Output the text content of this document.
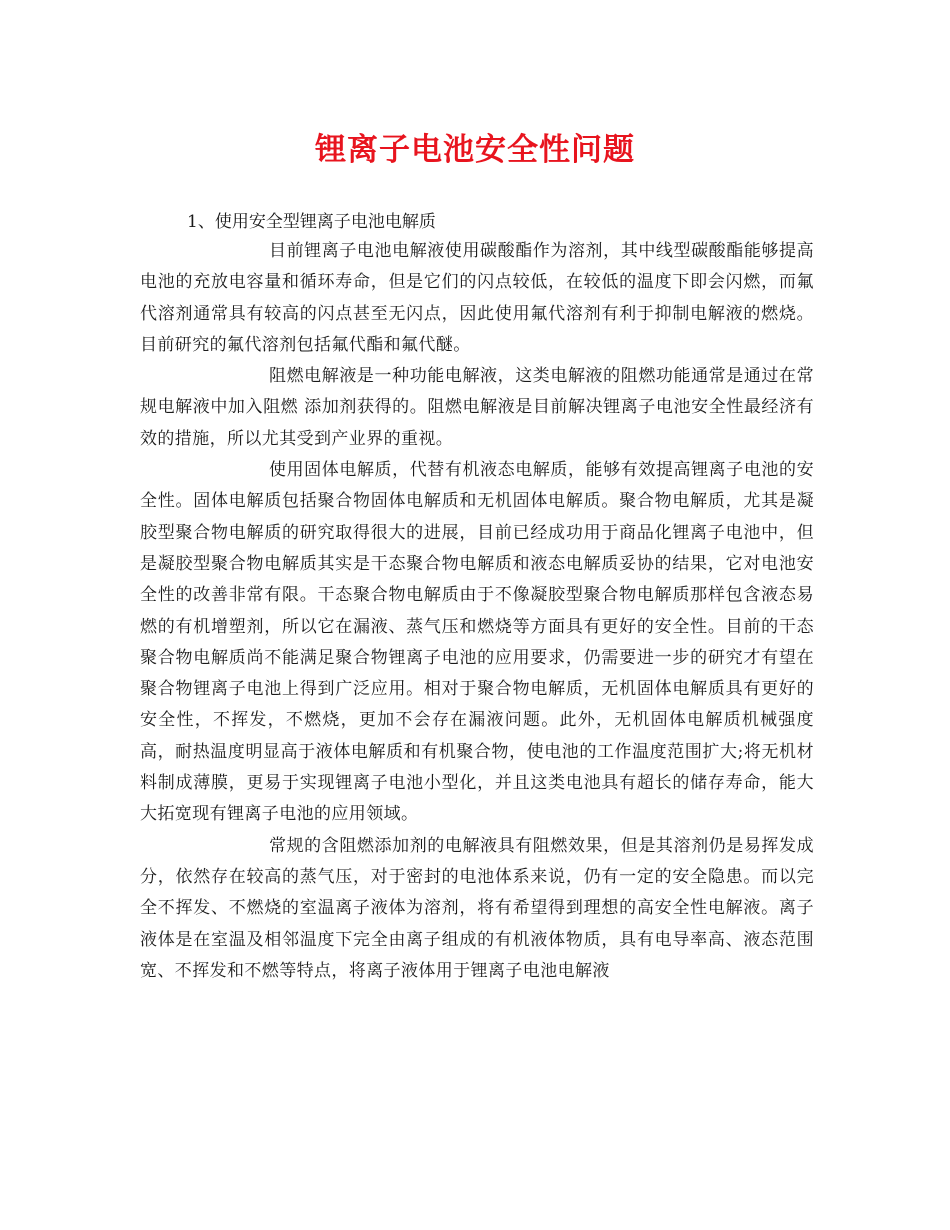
锂离子电池安全性问题

1、使用安全型锂离子电池电解质

目前锂离子电池电解液使用碳酸酯作为溶剂，其中线型碳酸酯能够提高电池的充放电容量和循环寿命，但是它们的闪点较低，在较低的温度下即会闪燃，而氟代溶剂通常具有较高的闪点甚至无闪点，因此使用氟代溶剂有利于抑制电解液的燃烧。目前研究的氟代溶剂包括氟代酯和氟代醚。

阻燃电解液是一种功能电解液，这类电解液的阻燃功能通常是通过在常规电解液中加入阻燃 添加剂获得的。阻燃电解液是目前解决锂离子电池安全性最经济有效的措施，所以尤其受到产业界的重视。

使用固体电解质，代替有机液态电解质，能够有效提高锂离子电池的安全性。固体电解质包括聚合物固体电解质和无机固体电解质。聚合物电解质，尤其是凝胶型聚合物电解质的研究取得很大的进展，目前已经成功用于商品化锂离子电池中，但是凝胶型聚合物电解质其实是干态聚合物电解质和液态电解质妥协的结果，它对电池安全性的改善非常有限。干态聚合物电解质由于不像凝胶型聚合物电解质那样包含液态易燃的有机增塑剂，所以它在漏液、蒸气压和燃烧等方面具有更好的安全性。目前的干态聚合物电解质尚不能满足聚合物锂离子电池的应用要求，仍需要进一步的研究才有望在聚合物锂离子电池上得到广泛应用。相对于聚合物电解质，无机固体电解质具有更好的安全性，不挥发，不燃烧，更加不会存在漏液问题。此外，无机固体电解质机械强度高，耐热温度明显高于液体电解质和有机聚合物，使电池的工作温度范围扩大;将无机材料制成薄膜，更易于实现锂离子电池小型化，并且这类电池具有超长的储存寿命，能大大拓宽现有锂离子电池的应用领域。

常规的含阻燃添加剂的电解液具有阻燃效果，但是其溶剂仍是易挥发成分，依然存在较高的蒸气压，对于密封的电池体系来说，仍有一定的安全隐患。而以完全不挥发、不燃烧的室温离子液体为溶剂，将有希望得到理想的高安全性电解液。离子液体是在室温及相邻温度下完全由离子组成的有机液体物质，具有电导率高、液态范围宽、不挥发和不燃等特点，将离子液体用于锂离子电池电解液
